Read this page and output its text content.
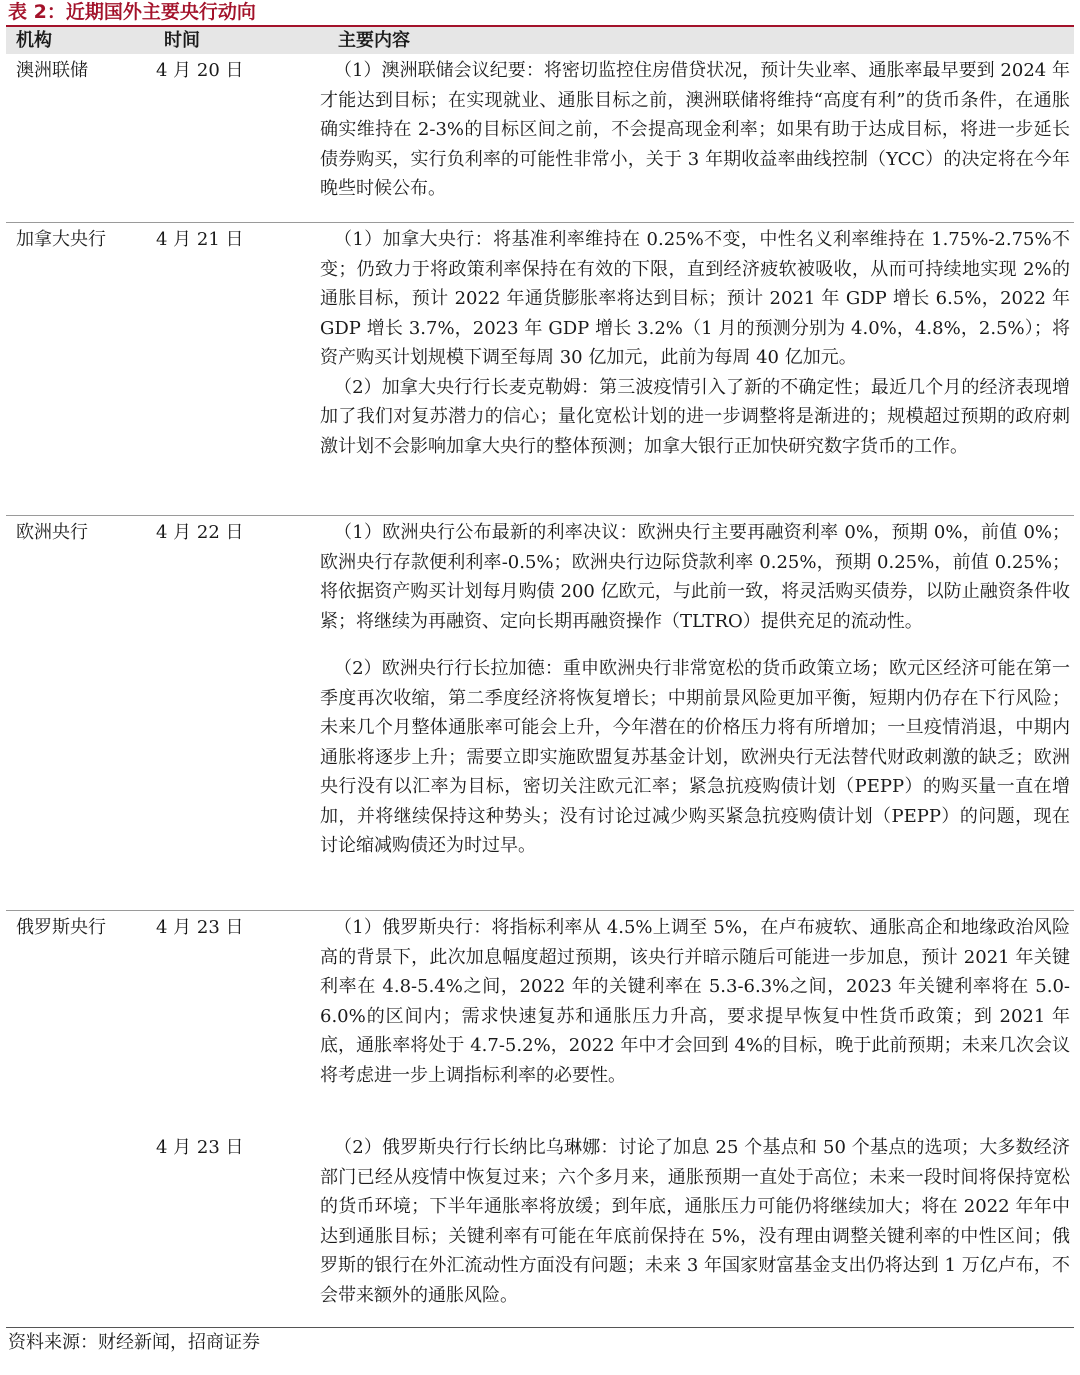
表 2：近期国外主要央行动向
机构	时间	主要内容
澳洲联储	4 月 20 日	（1）澳洲联储会议纪要：将密切监控住房借贷状况，预计失业率、通胀率最早要到 2024 年才能达到目标；在实现就业、通胀目标之前，澳洲联储将维持“高度有利”的货币条件，在通胀确实维持在 2-3%的目标区间之前，不会提高现金利率；如果有助于达成目标，将进一步延长债券购买，实行负利率的可能性非常小，关于 3 年期收益率曲线控制（YCC）的决定将在今年晚些时候公布。

加拿大央行	4 月 21 日	（1）加拿大央行：将基准利率维持在 0.25%不变，中性名义利率维持在 1.75%-2.75%不变；仍致力于将政策利率保持在有效的下限，直到经济疲软被吸收，从而可持续地实现 2%的通胀目标，预计 2022 年通货膨胀率将达到目标；预计 2021 年 GDP 增长 6.5%，2022 年 GDP 增长 3.7%，2023 年 GDP 增长 3.2%（1 月的预测分别为 4.0%，4.8%，2.5%）；将资产购买计划规模下调至每周 30 亿加元，此前为每周 40 亿加元。

（2）加拿大央行行长麦克勒姆：第三波疫情引入了新的不确定性；最近几个月的经济表现增加了我们对复苏潜力的信心；量化宽松计划的进一步调整将是渐进的；规模超过预期的政府刺激计划不会影响加拿大央行的整体预测；加拿大银行正加快研究数字货币的工作。

欧洲央行	4 月 22 日	（1）欧洲央行公布最新的利率决议：欧洲央行主要再融资利率 0%，预期 0%，前值 0%；欧洲央行存款便利利率-0.5%；欧洲央行边际贷款利率 0.25%，预期 0.25%，前值 0.25%；将依据资产购买计划每月购债 200 亿欧元，与此前一致，将灵活购买债券，以防止融资条件收紧；将继续为再融资、定向长期再融资操作（TLTRO）提供充足的流动性。

（2）欧洲央行行长拉加德：重申欧洲央行非常宽松的货币政策立场；欧元区经济可能在第一季度再次收缩，第二季度经济将恢复增长；中期前景风险更加平衡，短期内仍存在下行风险；未来几个月整体通胀率可能会上升，今年潜在的价格压力将有所增加；一旦疫情消退，中期内通胀将逐步上升；需要立即实施欧盟复苏基金计划，欧洲央行无法替代财政刺激的缺乏；欧洲央行没有以汇率为目标，密切关注欧元汇率；紧急抗疫购债计划（PEPP）的购买量一直在增加，并将继续保持这种势头；没有讨论过减少购买紧急抗疫购债计划（PEPP）的问题，现在讨论缩减购债还为时过早。

俄罗斯央行	4 月 23 日	（1）俄罗斯央行：将指标利率从 4.5%上调至 5%，在卢布疲软、通胀高企和地缘政治风险高的背景下，此次加息幅度超过预期，该央行并暗示随后可能进一步加息，预计 2021 年关键利率在 4.8-5.4%之间，2022 年的关键利率在 5.3-6.3%之间，2023 年关键利率将在 5.0-6.0%的区间内；需求快速复苏和通胀压力升高，要求提早恢复中性货币政策；到 2021 年底，通胀率将处于 4.7-5.2%，2022 年中才会回到 4%的目标，晚于此前预期；未来几次会议将考虑进一步上调指标利率的必要性。

	4 月 23 日	（2）俄罗斯央行行长纳比乌琳娜：讨论了加息 25 个基点和 50 个基点的选项；大多数经济部门已经从疫情中恢复过来；六个多月来，通胀预期一直处于高位；未来一段时间将保持宽松的货币环境；下半年通胀率将放缓；到年底，通胀压力可能仍将继续加大；将在 2022 年年中达到通胀目标；关键利率有可能在年底前保持在 5%，没有理由调整关键利率的中性区间；俄罗斯的银行在外汇流动性方面没有问题；未来 3 年国家财富基金支出仍将达到 1 万亿卢布，不会带来额外的通胀风险。

资料来源：财经新闻，招商证券
